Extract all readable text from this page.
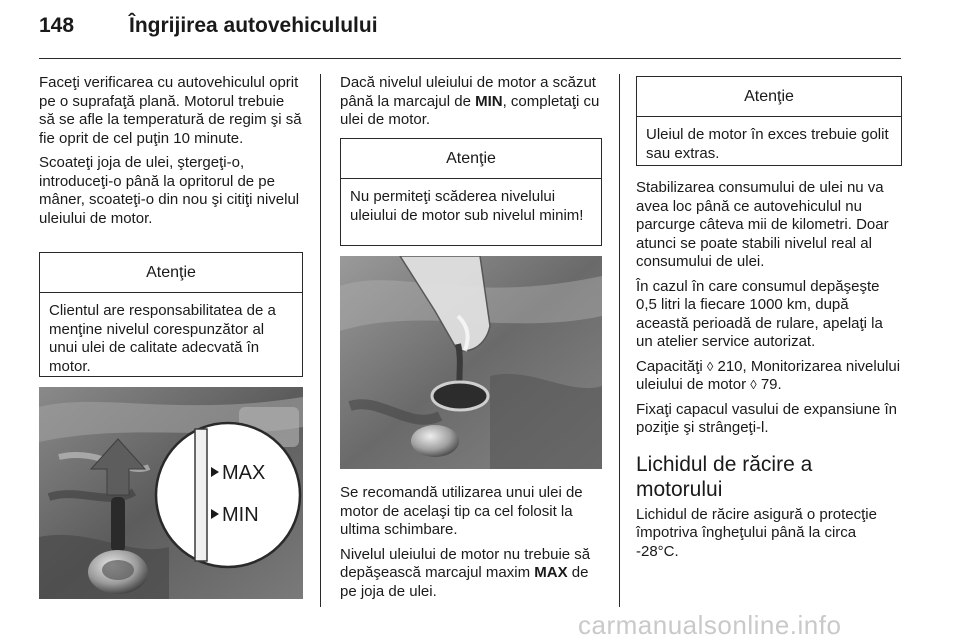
148	Îngrijirea autovehiculului

Faceţi verificarea cu autovehiculul oprit pe o suprafaţă plană. Motorul trebuie să se afle la temperatură de regim şi să fie oprit de cel puţin 10 minute.

Scoateţi joja de ulei, ştergeţi-o, introduceţi-o până la opritorul de pe mâner, scoateţi-o din nou şi citiţi nivelul uleiului de motor.

Atenţie
Clientul are responsabilitatea de a menţine nivelul corespunzător al unui ulei de calitate adecvată în motor.
MAX
MIN

Dacă nivelul uleiului de motor a scăzut până la marcajul de MIN, completaţi cu ulei de motor.

Atenţie
Nu permiteţi scăderea nivelului uleiului de motor sub nivelul minim!

Se recomandă utilizarea unui ulei de motor de acelaşi tip ca cel folosit la ultima schimbare.

Nivelul uleiului de motor nu trebuie să depăşească marcajul maxim MAX de pe joja de ulei.

Atenţie
Uleiul de motor în exces trebuie golit sau extras.

Stabilizarea consumului de ulei nu va avea loc până ce autovehiculul nu parcurge câteva mii de kilometri. Doar atunci se poate stabili nivelul real al consumului de ulei.

În cazul în care consumul depăşeşte 0,5 litri la fiecare 1000 km, după această perioadă de rulare, apelaţi la un atelier service autorizat.

Capacităţi ◊ 210, Monitorizarea nivelului uleiului de motor ◊ 79.

Fixaţi capacul vasului de expansiune în poziţie şi strângeţi-l.

Lichidul de răcire a motorului

Lichidul de răcire asigură o protecţie împotriva îngheţului până la circa -28°C.

carmanualsonline.info
